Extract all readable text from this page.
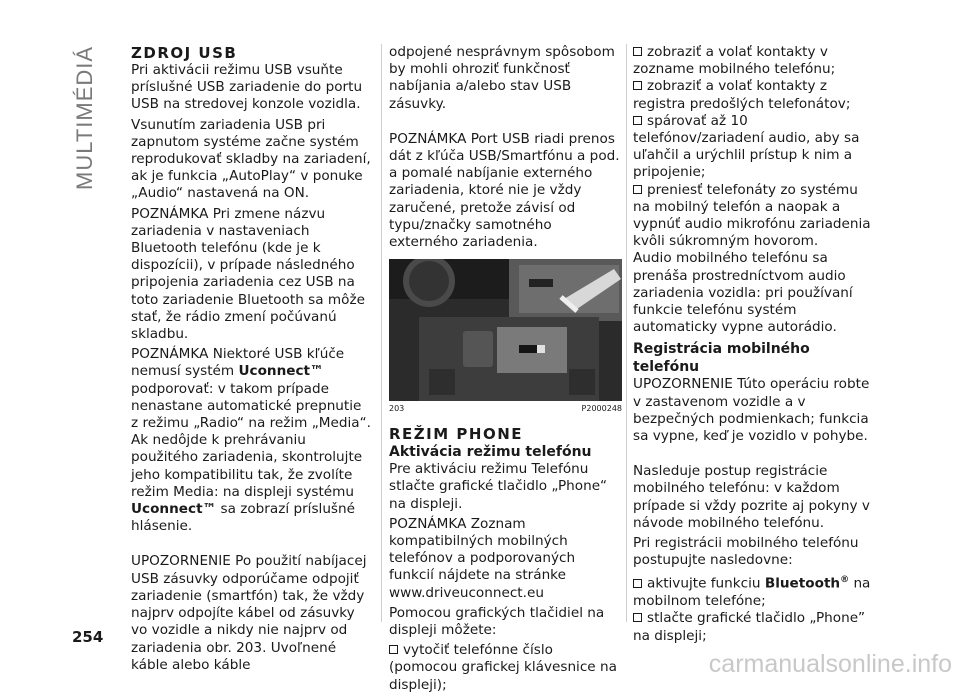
MULTIMÉDIÁ ZDROJ USB

Pri aktivácii režimu USB vsuňte príslušné USB zariadenie do portu USB na stredovej konzole vozidla.

Vsunutím zariadenia USB pri zapnutom systéme začne systém reprodukovať skladby na zariadení, ak je funkcia „AutoPlay“ v ponuke „Audio“ nastavená na ON.

POZNÁMKA Pri zmene názvu zariadenia v nastaveniach Bluetooth telefónu (kde je k dispozícii), v prípade následného pripojenia zariadenia cez USB na toto zariadenie Bluetooth sa môže stať, že rádio zmení počúvanú skladbu.

POZNÁMKA Niektoré USB kľúče nemusí systém Uconnect™ podporovať: v takom prípade nenastane automatické prepnutie z režimu „Radio“ na režim „Media“. Ak nedôjde k prehrávaniu použitého zariadenia, skontrolujte jeho kompatibilitu tak, že zvolíte režim Media: na displeji systému Uconnect™ sa zobrazí príslušné hlásenie.

UPOZORNENIE Po použití nabíjacej USB zásuvky odporúčame odpojiť zariadenie (smartfón) tak, že vždy najprv odpojíte kábel od zásuvky vo vozidle a nikdy nie najprv od zariadenia obr. 203. Uvoľnené káble alebo káble

odpojené nesprávnym spôsobom by mohli ohroziť funkčnosť nabíjania a/alebo stav USB zásuvky.

POZNÁMKA Port USB riadi prenos dát z kľúča USB/Smartfónu a pod. a pomalé nabíjanie externého zariadenia, ktoré nie je vždy zaručené, pretože závisí od typu/značky samotného externého zariadenia.

203	P2000248
REŽIM PHONE
Aktivácia režimu telefónu

Pre aktiváciu režimu Telefónu stlačte grafické tlačidlo „Phone“ na displeji.

POZNÁMKA Zoznam kompatibilných mobilných telefónov a podporovaných funkcií nájdete na stránke www.driveuconnect.eu

Pomocou grafických tlačidiel na displeji môžete:

vytočiť telefónne číslo (pomocou grafickej klávesnice na displeji);

zobraziť a volať kontakty v zozname mobilného telefónu;

zobraziť a volať kontakty z registra predošlých telefonátov;

spárovať až 10 telefónov/zariadení audio, aby sa uľahčil a urýchlil prístup k nim a pripojenie;

preniesť telefonáty zo systému na mobilný telefón a naopak a vypnúť audio mikrofónu zariadenia kvôli súkromným hovorom.

Audio mobilného telefónu sa prenáša prostredníctvom audio zariadenia vozidla: pri používaní funkcie telefónu systém automaticky vypne autorádio.

Registrácia mobilného telefónu

UPOZORNENIE Túto operáciu robte v zastavenom vozidle a v bezpečných podmienkach; funkcia sa vypne, keď je vozidlo v pohybe.

Nasleduje postup registrácie mobilného telefónu: v každom prípade si vždy pozrite aj pokyny v návode mobilného telefónu.

Pri registrácii mobilného telefónu postupujte nasledovne:

aktivujte funkciu Bluetooth® na mobilnom telefóne;

stlačte grafické tlačidlo „Phone” na displeji;

254
carmanualsonline.info
